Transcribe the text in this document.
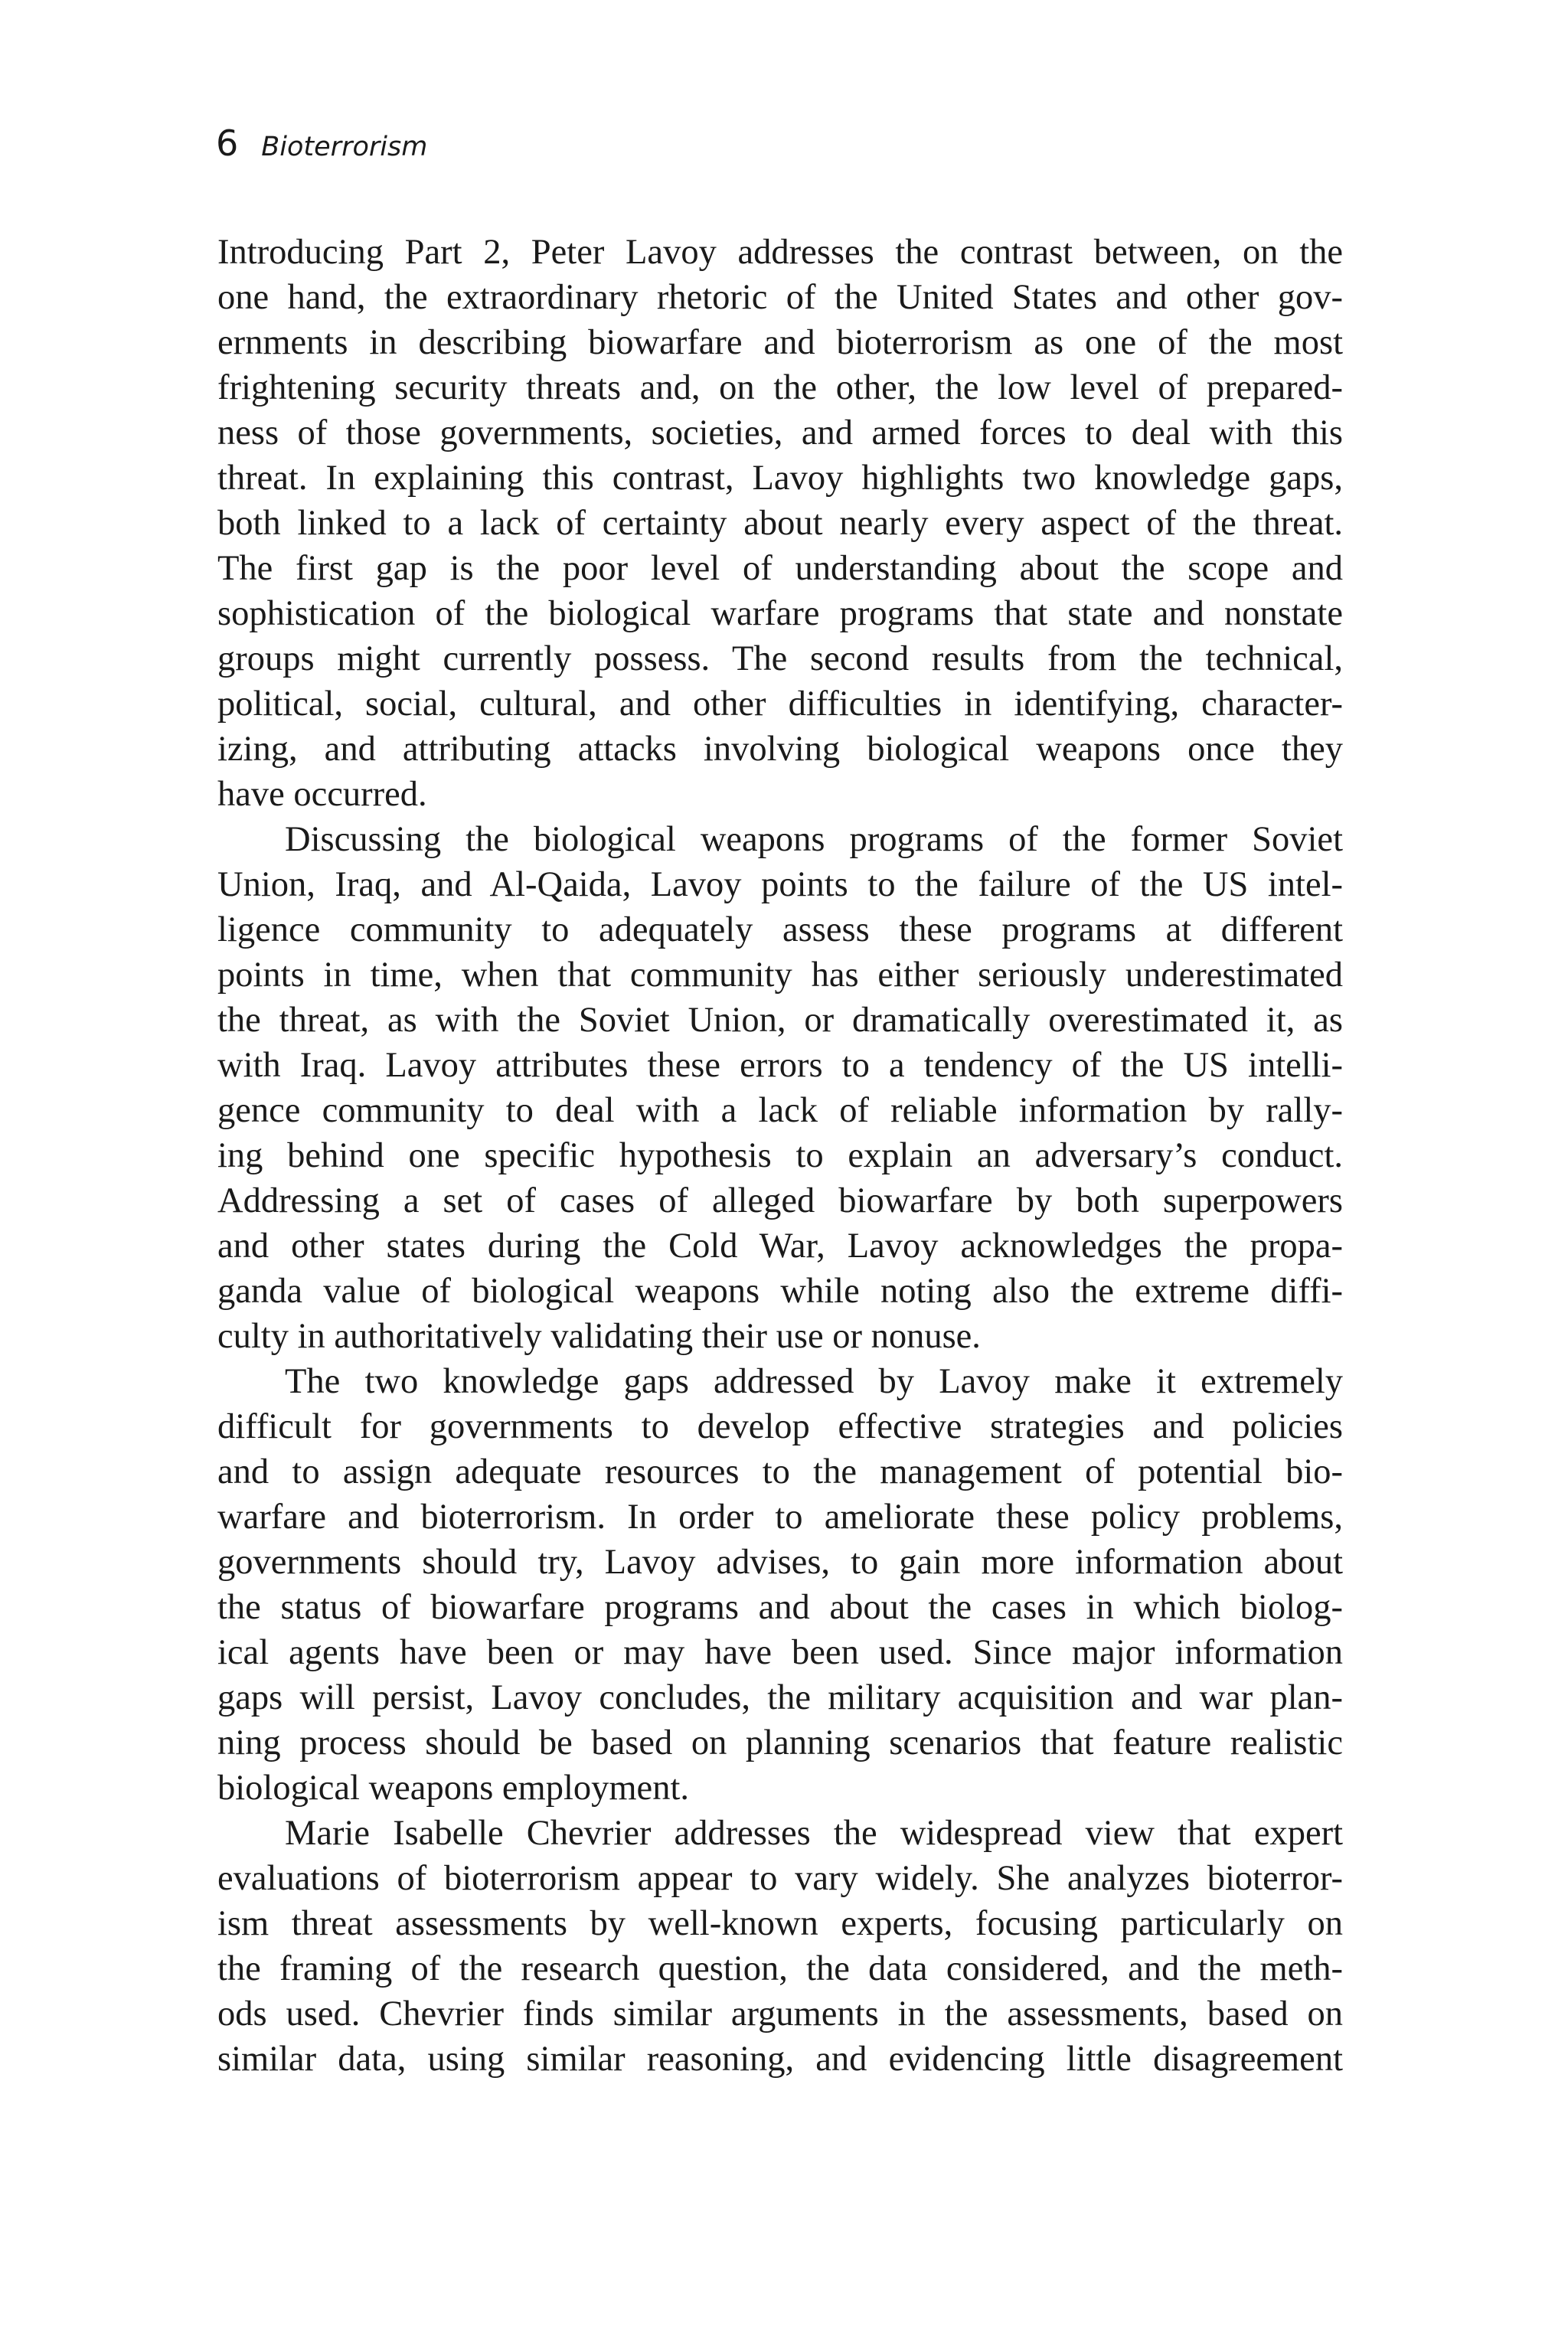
6 Bioterrorism
Introducing Part 2, Peter Lavoy addresses the contrast between, on the
one hand, the extraordinary rhetoric of the United States and other gov-
ernments in describing biowarfare and bioterrorism as one of the most
frightening security threats and, on the other, the low level of prepared-
ness of those governments, societies, and armed forces to deal with this
threat. In explaining this contrast, Lavoy highlights two knowledge gaps,
both linked to a lack of certainty about nearly every aspect of the threat.
The first gap is the poor level of understanding about the scope and
sophistication of the biological warfare programs that state and nonstate
groups might currently possess. The second results from the technical,
political, social, cultural, and other difficulties in identifying, character-
izing, and attributing attacks involving biological weapons once they
have occurred.
Discussing the biological weapons programs of the former Soviet
Union, Iraq, and Al-Qaida, Lavoy points to the failure of the US intel-
ligence community to adequately assess these programs at different
points in time, when that community has either seriously underestimated
the threat, as with the Soviet Union, or dramatically overestimated it, as
with Iraq. Lavoy attributes these errors to a tendency of the US intelli-
gence community to deal with a lack of reliable information by rally-
ing behind one specific hypothesis to explain an adversary’s conduct.
Addressing a set of cases of alleged biowarfare by both superpowers
and other states during the Cold War, Lavoy acknowledges the propa-
ganda value of biological weapons while noting also the extreme diffi-
culty in authoritatively validating their use or nonuse.
The two knowledge gaps addressed by Lavoy make it extremely
difficult for governments to develop effective strategies and policies
and to assign adequate resources to the management of potential bio-
warfare and bioterrorism. In order to ameliorate these policy problems,
governments should try, Lavoy advises, to gain more information about
the status of biowarfare programs and about the cases in which biolog-
ical agents have been or may have been used. Since major information
gaps will persist, Lavoy concludes, the military acquisition and war plan-
ning process should be based on planning scenarios that feature realistic
biological weapons employment.
Marie Isabelle Chevrier addresses the widespread view that expert
evaluations of bioterrorism appear to vary widely. She analyzes bioterror-
ism threat assessments by well-known experts, focusing particularly on
the framing of the research question, the data considered, and the meth-
ods used. Chevrier finds similar arguments in the assessments, based on
similar data, using similar reasoning, and evidencing little disagreement
